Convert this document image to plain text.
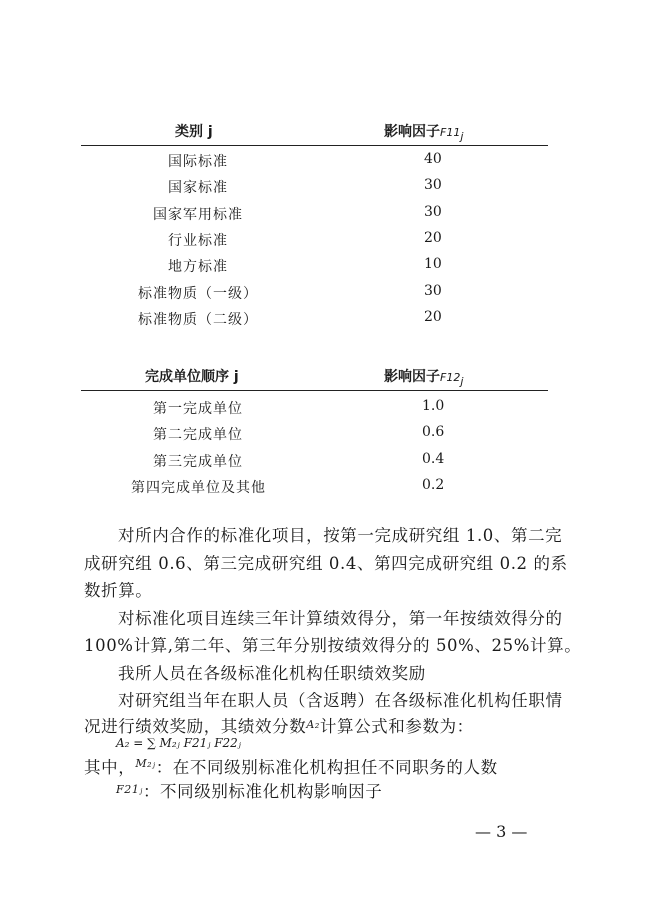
类别 j	影响因子$F11_j$
国际标准	40
国家标准	30
国家军用标准	30
行业标准	20
地方标准	10
标准物质（一级）	30
标准物质（二级）	20
完成单位顺序 j	影响因子$F12_j$
第一完成单位	1.0
第二完成单位	0.6
第三完成单位	0.4
第四完成单位及其他	0.2
对所内合作的标准化项目，按第一完成研究组 1.0、第二完
成研究组 0.6、第三完成研究组 0.4、第四完成研究组 0.2 的系
数折算。
对标准化项目连续三年计算绩效得分，第一年按绩效得分的
100%计算,第二年、第三年分别按绩效得分的 50%、25%计算。
我所人员在各级标准化机构任职绩效奖励
对研究组当年在职人员（含返聘）在各级标准化机构任职情
况进行绩效奖励，其绩效分数$^{A_2}$计算公式和参数为：
A₂ = ∑ M₂ⱼ F21ⱼ F22ⱼ
其中，$^{M_2ⱼ}$：在不同级别标准化机构担任不同职务的人数
$^{F21ⱼ}$：不同级别标准化机构影响因子
— 3 —
